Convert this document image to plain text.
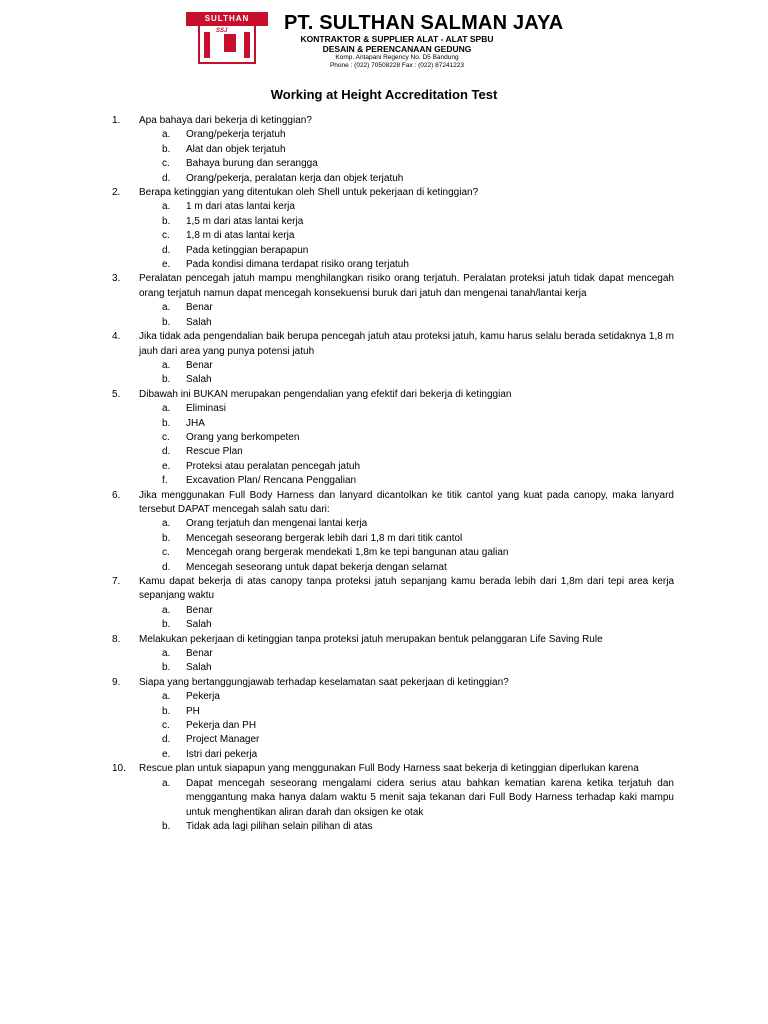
SULTHAN
SSJ	PT. SULTHAN SALMAN JAYA
KONTRAKTOR & SUPPLIER ALAT - ALAT SPBU
DESAIN & PERENCANAAN GEDUNG
Komp. Antapani Regency No. D5 Bandung
Phone : (022) 70508228 Fax : (022) 87241223
Working at Height Accreditation Test
1. Apa bahaya dari bekerja di ketinggian?
a. Orang/pekerja terjatuh
b. Alat dan objek terjatuh
c. Bahaya burung dan serangga
d. Orang/pekerja, peralatan kerja dan objek terjatuh
2. Berapa ketinggian yang ditentukan oleh Shell untuk pekerjaan di ketinggian?
a. 1 m dari atas lantai kerja
b. 1,5 m dari atas lantai kerja
c. 1,8 m di atas lantai kerja
d. Pada ketinggian berapapun
e. Pada kondisi dimana terdapat risiko orang terjatuh
3. Peralatan pencegah jatuh mampu menghilangkan risiko orang terjatuh. Peralatan proteksi jatuh tidak dapat mencegah orang terjatuh namun dapat mencegah konsekuensi buruk dari jatuh dan mengenai tanah/lantai kerja
a. Benar
b. Salah
4. Jika tidak ada pengendalian baik berupa pencegah jatuh atau proteksi jatuh, kamu harus selalu berada setidaknya 1,8 m jauh dari area yang punya potensi jatuh
a. Benar
b. Salah
5. Dibawah ini BUKAN merupakan pengendalian yang efektif dari bekerja di ketinggian
a. Eliminasi
b. JHA
c. Orang yang berkompeten
d. Rescue Plan
e. Proteksi atau peralatan pencegah jatuh
f. Excavation Plan/ Rencana Penggalian
6. Jika menggunakan Full Body Harness dan lanyard dicantolkan ke titik cantol yang kuat pada canopy, maka lanyard tersebut DAPAT mencegah salah satu dari:
a. Orang terjatuh dan mengenai lantai kerja
b. Mencegah seseorang bergerak lebih dari 1,8 m dari titik cantol
c. Mencegah orang bergerak mendekati 1,8m ke tepi bangunan atau galian
d. Mencegah seseorang untuk dapat bekerja dengan selamat
7. Kamu dapat bekerja di atas canopy tanpa proteksi jatuh sepanjang kamu berada lebih dari 1,8m dari tepi area kerja sepanjang waktu
a. Benar
b. Salah
8. Melakukan pekerjaan di ketinggian tanpa proteksi jatuh merupakan bentuk pelanggaran Life Saving Rule
a. Benar
b. Salah
9. Siapa yang bertanggungjawab terhadap keselamatan saat pekerjaan di ketinggian?
a. Pekerja
b. PH
c. Pekerja dan PH
d. Project Manager
e. Istri dari pekerja
10. Rescue plan untuk siapapun yang menggunakan Full Body Harness saat bekerja di ketinggian diperlukan karena
a. Dapat mencegah seseorang mengalami cidera serius atau bahkan kematian karena ketika terjatuh dan menggantung maka hanya dalam waktu 5 menit saja tekanan dari Full Body Harness terhadap kaki mampu untuk menghentikan aliran darah dan oksigen ke otak
b. Tidak ada lagi pilihan selain pilihan di atas
